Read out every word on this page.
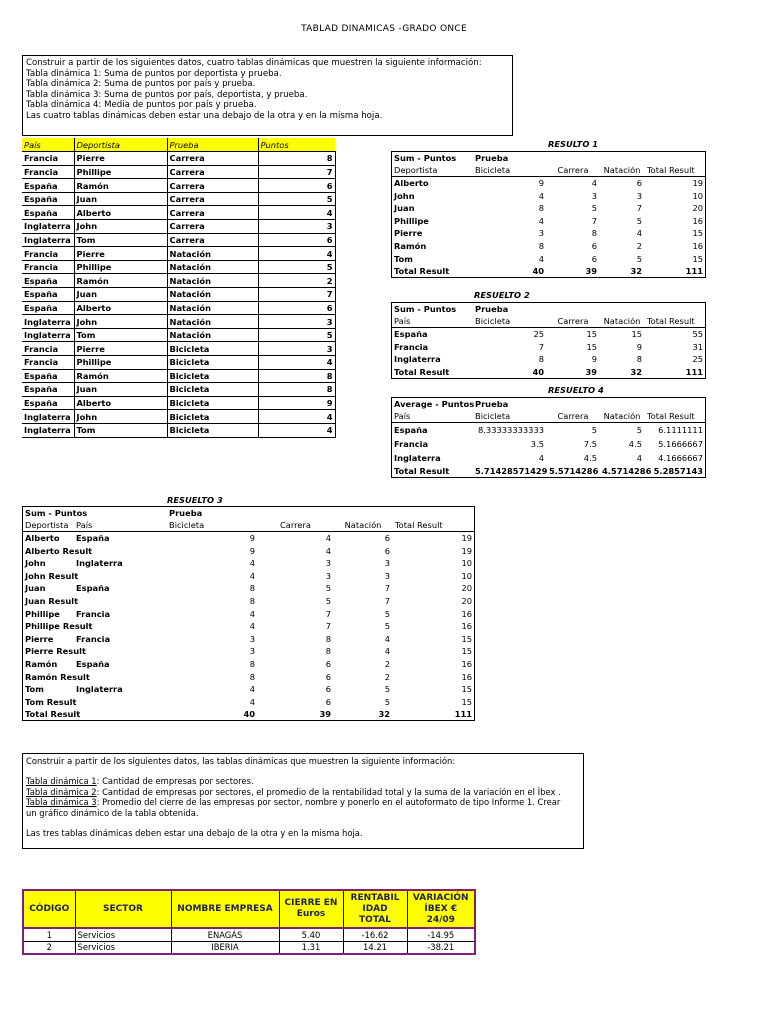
TABLAD DINAMICAS -GRADO ONCE
Construir a partir de los siguientes datos, cuatro tablas dinámicas que muestren la siguiente información:
Tabla dinámica 1: Suma de puntos por deportista y prueba.
Tabla dinámica 2: Suma de puntos por país y prueba.
Tabla dinámica 3: Suma de puntos por país, deportista, y prueba.
Tabla dinámica 4: Media de puntos por país y prueba.
Las cuatro tablas dinámicas deben estar una debajo de la otra y en la misma hoja.
País	Deportista	Prueba	Puntos
Francia	Pierre	Carrera	8
Francia	Phillipe	Carrera	7
España	Ramón	Carrera	6
España	Juan	Carrera	5
España	Alberto	Carrera	4
Inglaterra	John	Carrera	3
Inglaterra	Tom	Carrera	6
Francia	Pierre	Natación	4
Francia	Phillipe	Natación	5
España	Ramón	Natación	2
España	Juan	Natación	7
España	Alberto	Natación	6
Inglaterra	John	Natación	3
Inglaterra	Tom	Natación	5
Francia	Pierre	Bicicleta	3
Francia	Phillipe	Bicicleta	4
España	Ramón	Bicicleta	8
España	Juan	Bicicleta	8
España	Alberto	Bicicleta	9
Inglaterra	John	Bicicleta	4
Inglaterra	Tom	Bicicleta	4
RESULTO 1
Sum - Puntos	Prueba			
Deportista	Bicicleta	Carrera	Natación	Total Result
Alberto	9	4	6	19
John	4	3	3	10
Juan	8	5	7	20
Phillipe	4	7	5	16
Pierre	3	8	4	15
Ramón	8	6	2	16
Tom	4	6	5	15
Total Result	40	39	32	111
RESUELTO 2
Sum - Puntos	Prueba			
País	Bicicleta	Carrera	Natación	Total Result
España	25	15	15	55
Francia	7	15	9	31
Inglaterra	8	9	8	25
Total Result	40	39	32	111
RESUELTO 4
Average - Puntos	Prueba			
País	Bicicleta	Carrera	Natación	Total Result
España	8.33333333333	5	5	6.1111111
Francia	3.5	7.5	4.5	5.1666667
Inglaterra	4	4.5	4	4.1666667
Total Result	5.71428571429	5.5714286	4.5714286	5.2857143
RESUELTO 3
Sum - Puntos		Prueba			
Deportista	País	Bicicleta	Carrera	Natación	Total Result
Alberto	España	9	4	6	19
Alberto Result		9	4	6	19
John	Inglaterra	4	3	3	10
John Result		4	3	3	10
Juan	España	8	5	7	20
Juan Result		8	5	7	20
Phillipe	Francia	4	7	5	16
Phillipe Result		4	7	5	16
Pierre	Francia	3	8	4	15
Pierre Result		3	8	4	15
Ramón	España	8	6	2	16
Ramón Result		8	6	2	16
Tom	Inglaterra	4	6	5	15
Tom Result		4	6	5	15
Total Result		40	39	32	111
Construir a partir de los siguientes datos, las tablas dinámicas que muestren la siguiente información:
Tabla dinámica 1: Cantidad de empresas por sectores.
Tabla dinámica 2: Cantidad de empresas por sectores, el promedio de la rentabilidad total y la suma de la variación en el Íbex .
Tabla dinámica 3: Promedio del cierre de las empresas por sector, nombre y ponerlo en el autoformato de tipo Informe 1. Crear
un gráfico dinámico de la tabla obtenida.
Las tres tablas dinámicas deben estar una debajo de la otra y en la misma hoja.
CÓDIGO	SECTOR	NOMBRE EMPRESA	CIERRE EN Euros	RENTABIL IDAD TOTAL	VARIACIÓN ÍBEX € 24/09
1	Servicios	ENAGÁS	5.40	-16.62	-14.95
2	Servicios	IBERIA	1.31	14.21	-38.21
